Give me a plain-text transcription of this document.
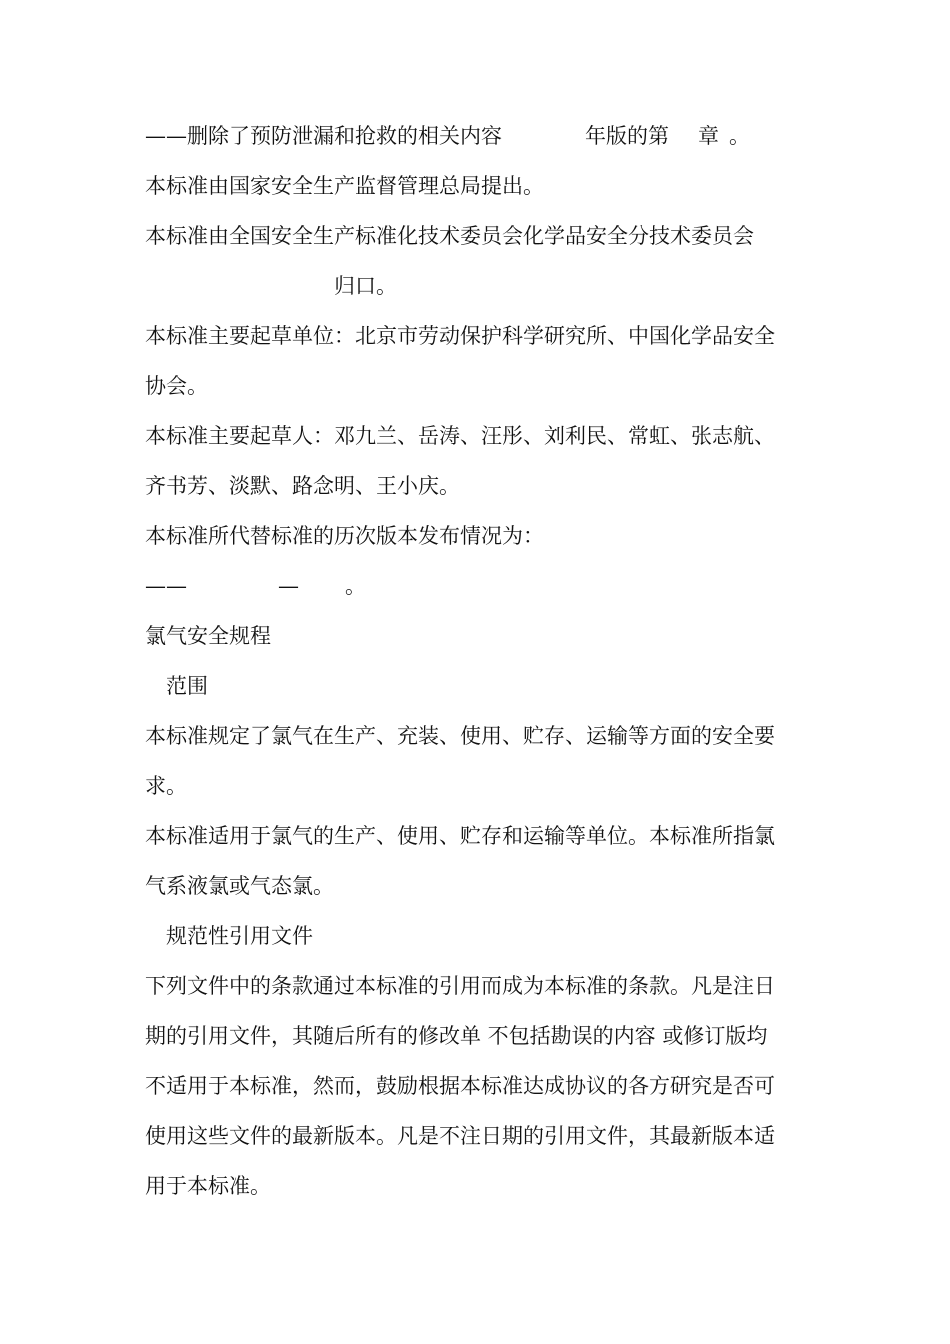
——删除了预防泄漏和抢救的相关内容

	年版的第

章

。

本标准由国家安全生产监督管理总局提出。
本标准由全国安全生产标准化技术委员会化学品安全分技术委员会
归口。
本标准主要起草单位：北京市劳动保护科学研究所、中国化学品安全
协会。
本标准主要起草人：邓九兰、岳涛、汪彤、刘利民、常虹、张志航、
齐书芳、淡默、路念明、王小庆。
本标准所代替标准的历次版本发布情况为：

——

	—

。

氯气安全规程
范围
本标准规定了氯气在生产、充装、使用、贮存、运输等方面的安全要
求。
本标准适用于氯气的生产、使用、贮存和运输等单位。本标准所指氯
气系液氯或气态氯。
规范性引用文件
下列文件中的条款通过本标准的引用而成为本标准的条款。凡是注日
期的引用文件，其随后所有的修改单 不包括勘误的内容 或修订版均
不适用于本标准，然而，鼓励根据本标准达成协议的各方研究是否可
使用这些文件的最新版本。凡是不注日期的引用文件，其最新版本适
用于本标准。
